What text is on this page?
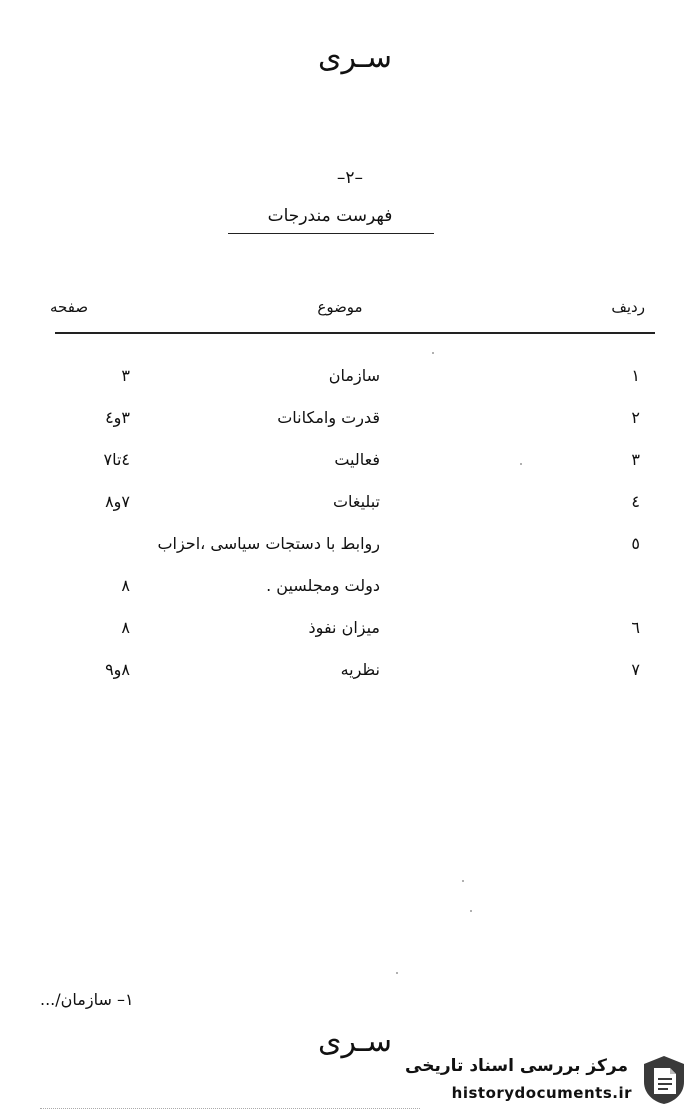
سـرى
–۲–
فهرست مندرجات
رديف
موضوع
صفحه
۱
سازمان
۳
۲
قدرت وامکانات
۳و٤
۳
فعالیت
٤تا۷
٤
تبلیغات
۷و۸
٥
روابط با دستجات سیاسی ،احزاب
دولت ومجلسین .
۸
٦
میزان نفوذ
۸
۷
نظریه
۸و۹
۱– سازمان/...
سـرى
مرکز بررسی اسناد تاریخی
historydocuments.ir
